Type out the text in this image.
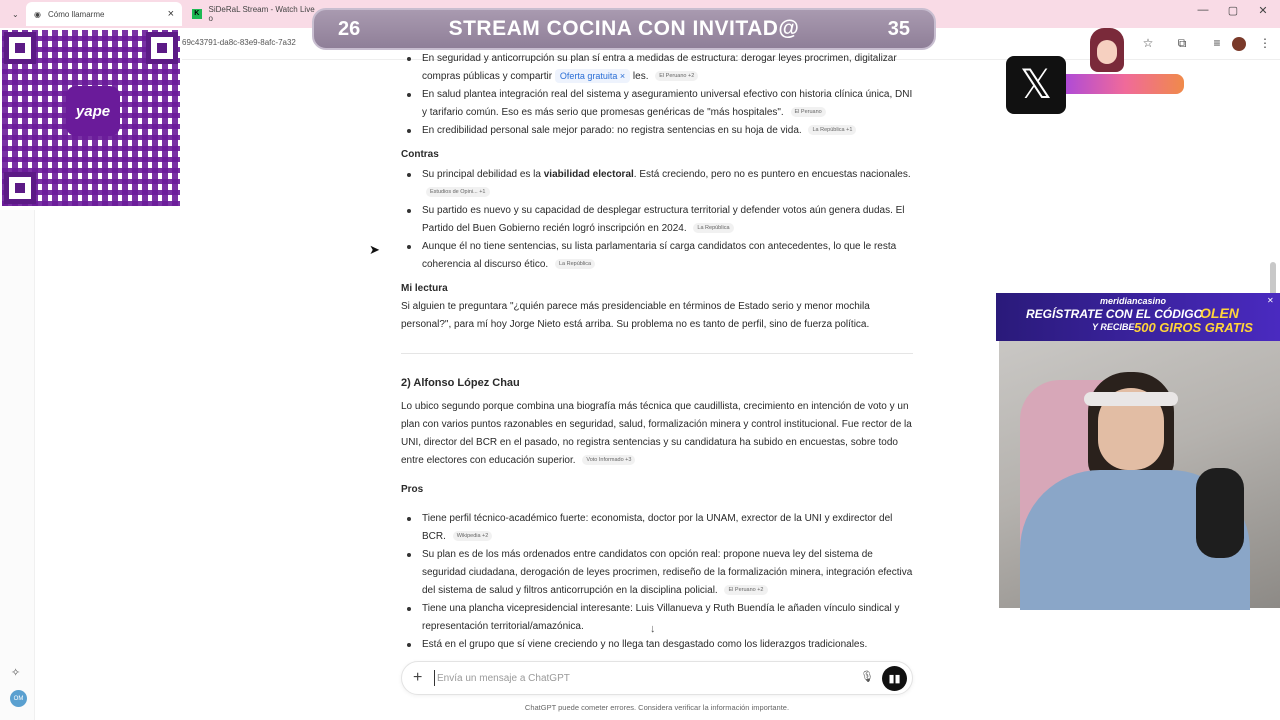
⌄ ◉ Cómo llamarme	×	K SiDeRaL Stream - Watch Live o
—	▢	✕
69c43791-da8c-83e9-8afc-7a32	☆	⧉	≡	⋮
✧
OM
En seguridad y anticorrupción su plan sí entra a medidas de estructura: derogar leyes procrimen, digitalizar compras públicas y compartir Oferta gratuita × les. El Peruano +2
En salud plantea integración real del sistema y aseguramiento universal efectivo con historia clínica única, DNI y tarifario común. Eso es más serio que promesas genéricas de "más hospitales". El Peruano
En credibilidad personal sale mejor parado: no registra sentencias en su hoja de vida. La República +1
Contras
Su principal debilidad es la viabilidad electoral. Está creciendo, pero no es puntero en encuestas nacionales. Estudios de Opini... +1
Su partido es nuevo y su capacidad de desplegar estructura territorial y defender votos aún genera dudas. El Partido del Buen Gobierno recién logró inscripción en 2024. La República
Aunque él no tiene sentencias, su lista parlamentaria sí carga candidatos con antecedentes, lo que le resta coherencia al discurso ético. La República
Mi lectura
Si alguien te preguntara "¿quién parece más presidenciable en términos de Estado serio y menor mochila personal?", para mí hoy Jorge Nieto está arriba. Su problema no es tanto de perfil, sino de fuerza política.
2) Alfonso López Chau
Lo ubico segundo porque combina una biografía más técnica que caudillista, crecimiento en intención de voto y un plan con varios puntos razonables en seguridad, salud, formalización minera y control institucional. Fue rector de la UNI, director del BCR en el pasado, no registra sentencias y su candidatura ha subido en encuestas, sobre todo entre electores con educación superior. Voto Informado +3
Pros
Tiene perfil técnico-académico fuerte: economista, doctor por la UNAM, exrector de la UNI y exdirector del BCR. Wikipedia +2
Su plan es de los más ordenados entre candidatos con opción real: propone nueva ley del sistema de seguridad ciudadana, derogación de leyes procrimen, rediseño de la formalización minera, integración efectiva del sistema de salud y filtros anticorrupción en la disciplina policial. El Peruano +2
Tiene una plancha vicepresidencial interesante: Luis Villanueva y Ruth Buendía le añaden vínculo sindical y representación territorial/amazónica.
Está en el grupo que sí viene creciendo y no llega tan desgastado como los liderazgos tradicionales.
↓
+
Envía un mensaje a ChatGPT	🎙	▮▮
ChatGPT puede cometer errores. Considera verificar la información importante.
➤
26	STREAM COCINA CON INVITAD@	35
yape
𝕏
meridiancasino
REGÍSTRATE CON EL CÓDIGO
OLEN
Y RECIBE 500 GIROS GRATIS
✕
